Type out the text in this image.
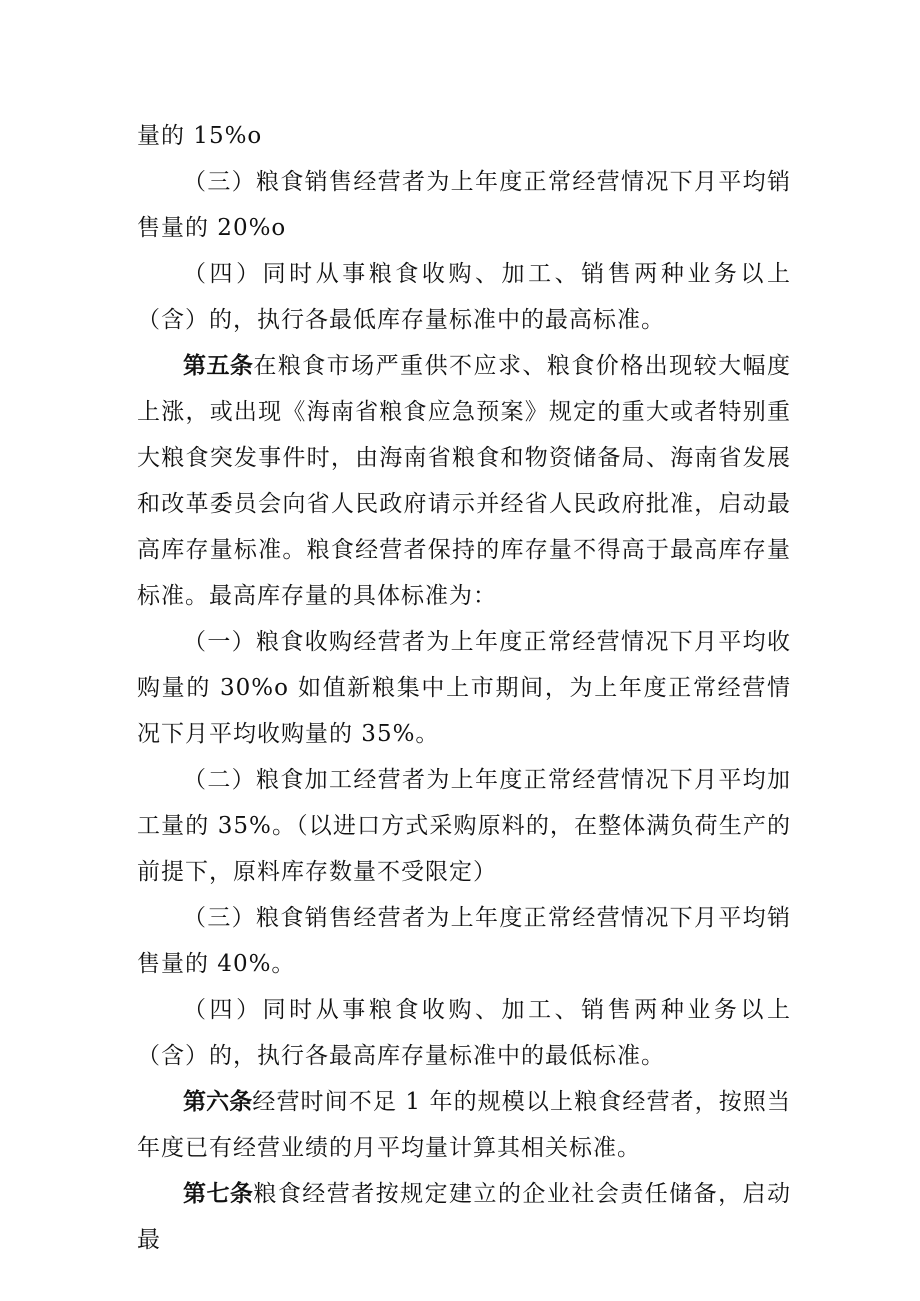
量的 15%o

（三）粮食销售经营者为上年度正常经营情况下月平均销售量的 20%o

（四）同时从事粮食收购、加工、销售两种业务以上（含）的，执行各最低库存量标准中的最高标准。

第五条在粮食市场严重供不应求、粮食价格出现较大幅度上涨，或出现《海南省粮食应急预案》规定的重大或者特别重大粮食突发事件时，由海南省粮食和物资储备局、海南省发展和改革委员会向省人民政府请示并经省人民政府批准，启动最高库存量标准。粮食经营者保持的库存量不得高于最高库存量标准。最高库存量的具体标准为：

（一）粮食收购经营者为上年度正常经营情况下月平均收购量的 30%o 如值新粮集中上市期间，为上年度正常经营情况下月平均收购量的 35%。

（二）粮食加工经营者为上年度正常经营情况下月平均加工量的 35%。（以进口方式采购原料的，在整体满负荷生产的前提下，原料库存数量不受限定）

（三）粮食销售经营者为上年度正常经营情况下月平均销售量的 40%。

（四）同时从事粮食收购、加工、销售两种业务以上（含）的，执行各最高库存量标准中的最低标准。

第六条经营时间不足 1 年的规模以上粮食经营者，按照当年度已有经营业绩的月平均量计算其相关标准。

第七条粮食经营者按规定建立的企业社会责任储备，启动最
